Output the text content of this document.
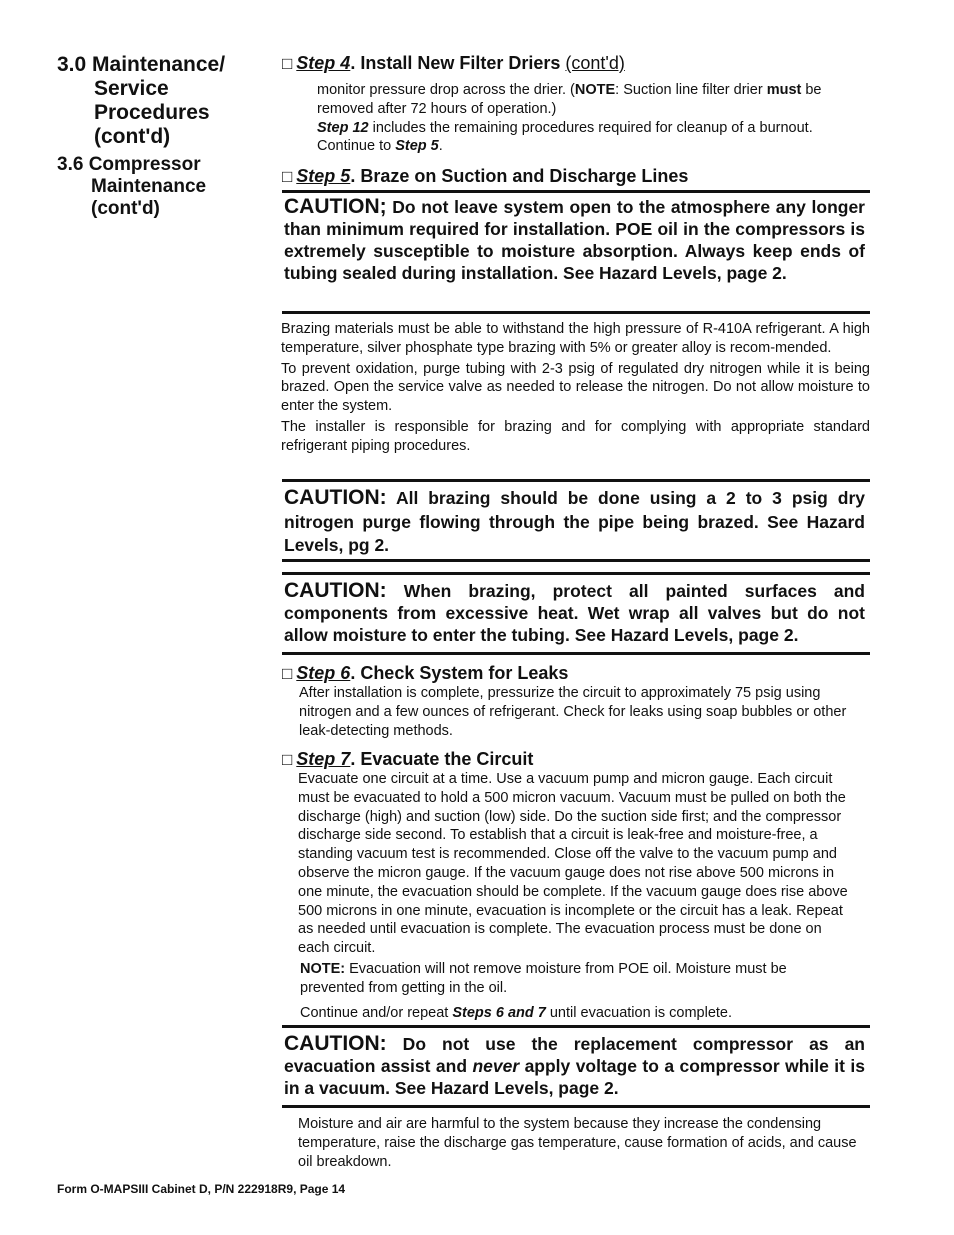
3.0 Maintenance/
Service
Procedures
(cont'd)
3.6 Compressor
Maintenance
(cont'd)
□ Step 4. Install New Filter Driers (cont'd)

monitor pressure drop across the drier. (NOTE: Suction line filter drier must be removed after 72 hours of operation.)

Step 12 includes the remaining procedures required for cleanup of a burnout. Continue to Step 5.

□ Step 5. Braze on Suction and Discharge Lines
CAUTION; Do not leave system open to the atmosphere any longer than minimum required for installation. POE oil in the compressors is extremely susceptible to moisture absorption. Always keep ends of tubing sealed during installation. See Hazard Levels, page 2.

Brazing materials must be able to withstand the high pressure of R-410A refrigerant. A high temperature, silver phosphate type brazing with 5% or greater alloy is recom-mended.

To prevent oxidation, purge tubing with 2-3 psig of regulated dry nitrogen while it is being brazed. Open the service valve as needed to release the nitrogen. Do not allow moisture to enter the system.

The installer is responsible for brazing and for complying with appropriate standard refrigerant piping procedures.

CAUTION: All brazing should be done using a 2 to 3 psig dry nitrogen purge flowing through the pipe being brazed. See Hazard Levels, pg 2.
CAUTION: When brazing, protect all painted surfaces and components from excessive heat. Wet wrap all valves but do not allow moisture to enter the tubing. See Hazard Levels, page 2.
□ Step 6. Check System for Leaks
After installation is complete, pressurize the circuit to approximately 75 psig using nitrogen and a few ounces of refrigerant. Check for leaks using soap bubbles or other leak-detecting methods.
□ Step 7. Evacuate the Circuit
Evacuate one circuit at a time. Use a vacuum pump and micron gauge. Each circuit must be evacuated to hold a 500 micron vacuum. Vacuum must be pulled on both the discharge (high) and suction (low) side. Do the suction side first; and the compressor discharge side second. To establish that a circuit is leak-free and moisture-free, a standing vacuum test is recommended. Close off the valve to the vacuum pump and observe the micron gauge. If the vacuum gauge does not rise above 500 microns in one minute, the evacuation should be complete. If the vacuum gauge does rise above 500 microns in one minute, evacuation is incomplete or the circuit has a leak. Repeat as needed until evacuation is complete. The evacuation process must be done on each circuit.
NOTE: Evacuation will not remove moisture from POE oil. Moisture must be prevented from getting in the oil.
Continue and/or repeat Steps 6 and 7 until evacuation is complete.
CAUTION: Do not use the replacement compressor as an evacuation assist and never apply voltage to a compressor while it is in a vacuum. See Hazard Levels, page 2.
Moisture and air are harmful to the system because they increase the condensing temperature, raise the discharge gas temperature, cause formation of acids, and cause oil breakdown.
Form O-MAPSIII Cabinet D, P/N 222918R9, Page 14
